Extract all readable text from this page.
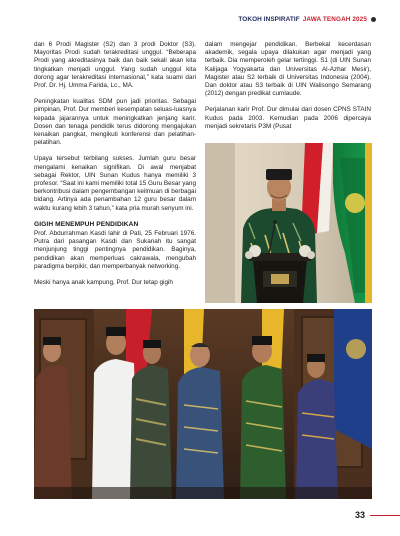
TOKOH INSPIRATIF JAWA TENGAH 2025

dan 6 Prodi Magister (S2) dan 3 prodi Doktor (S3). Mayoritas Prodi sudah terakreditasi unggul. “Beberapa Prodi yang akreditasinya baik dan baik sekali akan kita tingkatkan menjadi unggul. Yang sudah unggul kita dorong agar terakreditasi internasional,” kata suami dari Prof. Dr. Hj. Umma Farida, Lc., MA.

Peningkatan kualitas SDM pun jadi prioritas. Sebagai pimpinan, Prof. Dur memberi kesempatan seluas-luasnya kepada jajarannya untuk meningkatkan jenjang karir. Dosen dan tenaga pendidik terus didorong mengajukan kenaikan pangkat, mengikuti konferensi dan pelatihan-pelatihan.

Upaya tersebut terbilang sukses. Jumlah guru besar mengalami kenaikan signifikan. Di awal menjabat sebagai Rektor, UIN Sunan Kudus hanya memiliki 3 profesor. “Saat ini kami memiliki total 15 Guru Besar yang berkontribusi dalam pengembangan keilmuan di berbagai bidang. Artinya ada penambahan 12 guru besar dalam waktu kurang lebih 3 tahun,” kata pria murah senyum ini.

GIGIH MENEMPUH PENDIDIKAN

Prof. Abdurrahman Kasdi lahir di Pati, 25 Februari 1976. Putra dari pasangan Kasdi dan Sukanah itu sangat menjunjung tinggi pentingnya pendidikan. Baginya, pendidikan akan memperluas cakrawala, mengubah paradigma berpikir, dan memperbanyak networking.

Meski hanya anak kampung, Prof. Dur tetap gigih

dalam mengejar pendidikan. Berbekal kecerdasan akademik, segala upaya dilakukan agar menjadi yang terbaik. Dia memperoleh gelar tertinggi. S1 (di UIN Sunan Kalijaga Yogyakarta dan Universitas Al-Azhar Mesir), Magister atau S2 terbaik di Universitas Indonesia (2004). Dan doktor atau S3 terbaik di UIN Walisongo Semarang (2012) dengan predikat cumlaude.

Perjalanan karir Prof. Dur dimulai dari dosen CPNS STAIN Kudus pada 2003. Kemudian pada 2006 dipercaya menjadi sekretaris P3M (Pusat

33
